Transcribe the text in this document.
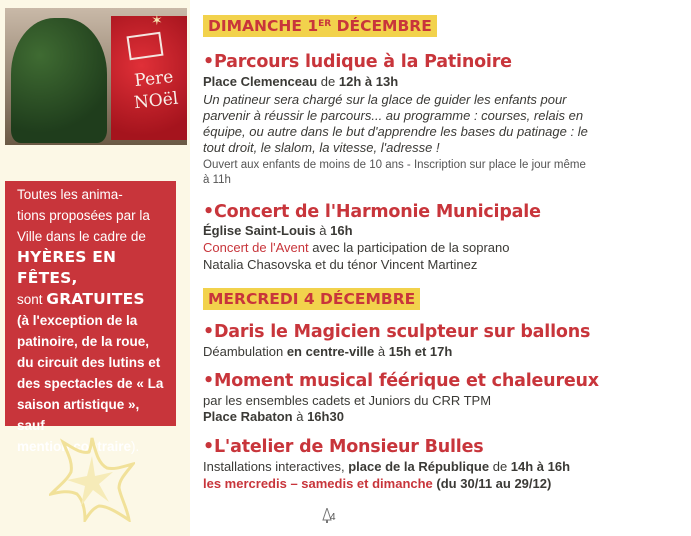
✶
Pere
NOël

Toutes les anima-
tions proposées par la
Ville dans le cadre de
HYÈRES EN FÊTES,
sont GRATUITES
(à l'exception de la
patinoire, de la roue,
du circuit des lutins et
des spectacles de « La
saison artistique », sauf
mention contraire).

DIMANCHE 1ER DÉCEMBRE
•Parcours ludique à la Patinoire
Place Clemenceau de 12h à 13h
Un patineur sera chargé sur la glace de guider les enfants pour
parvenir à réussir le parcours... au programme : courses, relais en
équipe, ou autre dans le but d'apprendre les bases du patinage : le
tout droit, le slalom, la vitesse, l'adresse !
Ouvert aux enfants de moins de 10 ans - Inscription sur place le jour même
à 11h
•Concert de l'Harmonie Municipale
Église Saint-Louis à 16h
Concert de l'Avent avec la participation de la soprano
Natalia Chasovska et du ténor Vincent Martinez
MERCREDI 4 DÉCEMBRE
•Daris le Magicien sculpteur sur ballons
Déambulation en centre-ville à 15h et 17h
•Moment musical féérique et chaleureux
par les ensembles cadets et Juniors du CRR TPM
Place Rabaton à 16h30
•L'atelier de Monsieur Bulles
Installations interactives, place de la République de 14h à 16h
les mercredis – samedis et dimanche (du 30/11 au 29/12)
4
